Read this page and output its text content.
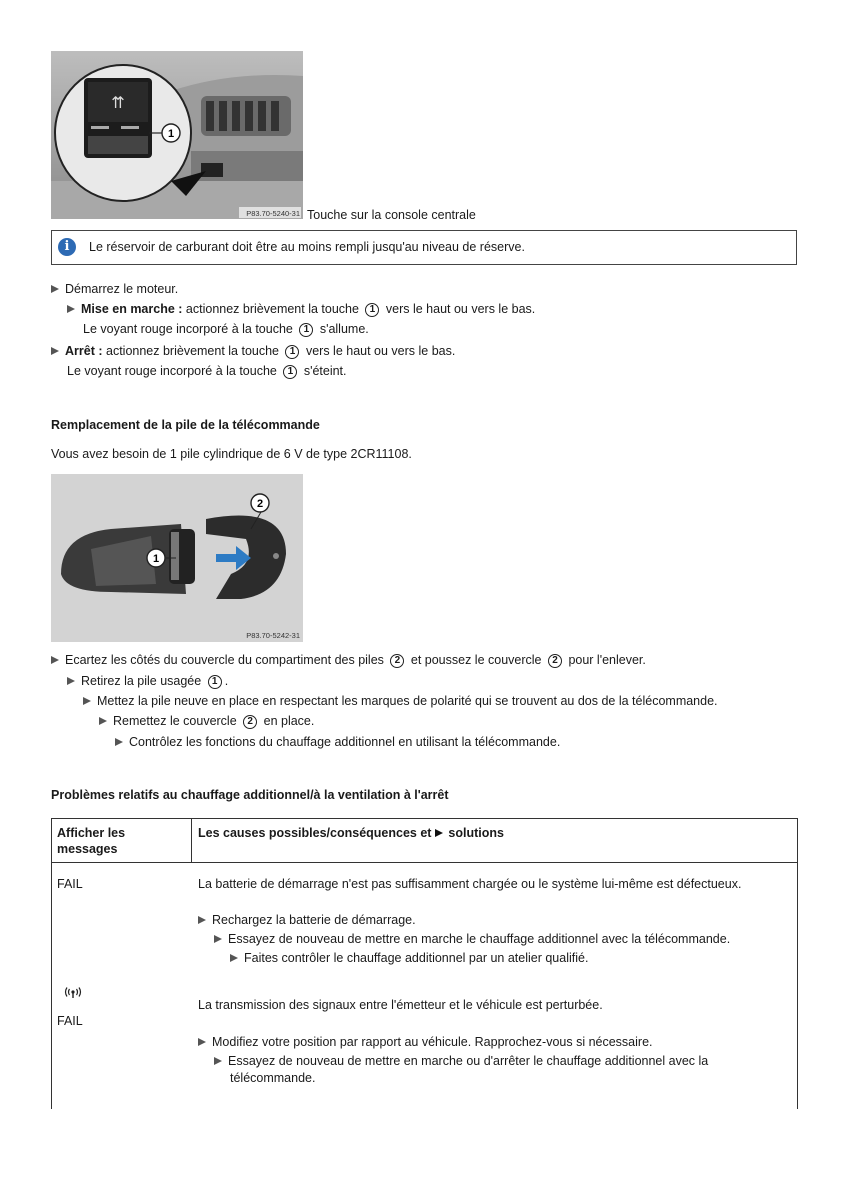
⇈
1
P83.70-5240-31 Touche sur la console centrale
i	Le réservoir de carburant doit être au moins rempli jusqu'au niveau de réserve.
Démarrez le moteur.
Mise en marche : actionnez brièvement la touche 1 vers le haut ou vers le bas.
Le voyant rouge incorporé à la touche 1 s'allume.
Arrêt : actionnez brièvement la touche 1 vers le haut ou vers le bas.
Le voyant rouge incorporé à la touche 1 s'éteint.
Remplacement de la pile de la télécommande
Vous avez besoin de 1 pile cylindrique de 6 V de type 2CR11108.
2
1
P83.70-5242-31
Ecartez les côtés du couvercle du compartiment des piles 2 et poussez le couvercle 2 pour l'enlever.
Retirez la pile usagée 1 .
Mettez la pile neuve en place en respectant les marques de polarité qui se trouvent au dos de la télécommande.
Remettez le couvercle 2 en place.
Contrôlez les fonctions du chauffage additionnel en utilisant la télécommande.
Problèmes relatifs au chauffage additionnel/à la ventilation à l'arrêt
Afficher les messages
Les causes possibles/conséquences et  solutions
FAIL	La batterie de démarrage n'est pas suffisamment chargée ou le système lui-même est défectueux.
Rechargez la batterie de démarrage.
Essayez de nouveau de mettre en marche le chauffage additionnel avec la télécommande.
Faites contrôler le chauffage additionnel par un atelier qualifié.
FAIL
La transmission des signaux entre l'émetteur et le véhicule est perturbée.
Modifiez votre position par rapport au véhicule. Rapprochez-vous si nécessaire.
Essayez de nouveau de mettre en marche ou d'arrêter le chauffage additionnel avec la
télécommande.
